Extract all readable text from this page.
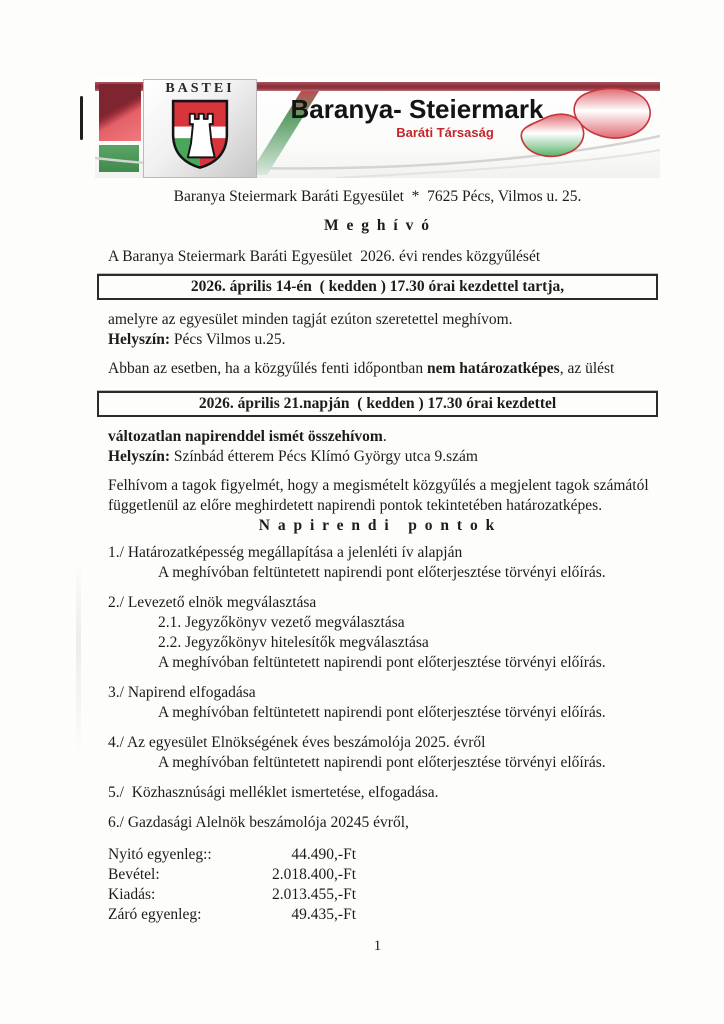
BASTEI
Baranya- Steiermark
Baráti Társaság
Baranya Steiermark Baráti Egyesület  *  7625 Pécs, Vilmos u. 25.
M e g h í v ó
A Baranya Steiermark Baráti Egyesület  2026. évi rendes közgyűlését
2026. április 14-én  ( kedden ) 17.30 órai kezdettel tartja,
amelyre az egyesület minden tagját ezúton szeretettel meghívom.
Helyszín: Pécs Vilmos u.25.
Abban az esetben, ha a közgyűlés fenti időpontban nem határozatképes, az ülést
2026. április 21.napján  ( kedden ) 17.30 órai kezdettel
változatlan napirenddel ismét összehívom.
Helyszín: Színbád étterem Pécs Klímó György utca 9.szám
Felhívom a tagok figyelmét, hogy a megismételt közgyűlés a megjelent tagok számától függetlenül az előre meghirdetett napirendi pontok tekintetében határozatképes.
N a p i r e n d i   p o n t o k
1./ Határozatképesség megállapítása a jelenléti ív alapján
A meghívóban feltüntetett napirendi pont előterjesztése törvényi előírás.
2./ Levezető elnök megválasztása
2.1. Jegyzőkönyv vezető megválasztása
2.2. Jegyzőkönyv hitelesítők megválasztása
A meghívóban feltüntetett napirendi pont előterjesztése törvényi előírás.
3./ Napirend elfogadása
A meghívóban feltüntetett napirendi pont előterjesztése törvényi előírás.
4./ Az egyesület Elnökségének éves beszámolója 2025. évről
A meghívóban feltüntetett napirendi pont előterjesztése törvényi előírás.
5./  Közhasznúsági melléklet ismertetése, elfogadása.
6./ Gazdasági Alelnök beszámolója 20245 évről,
Nyitó egyenleg::	44.490,-Ft
Bevétel:	2.018.400,-Ft
Kiadás:	2.013.455,-Ft
Záró egyenleg:	49.435,-Ft
1
